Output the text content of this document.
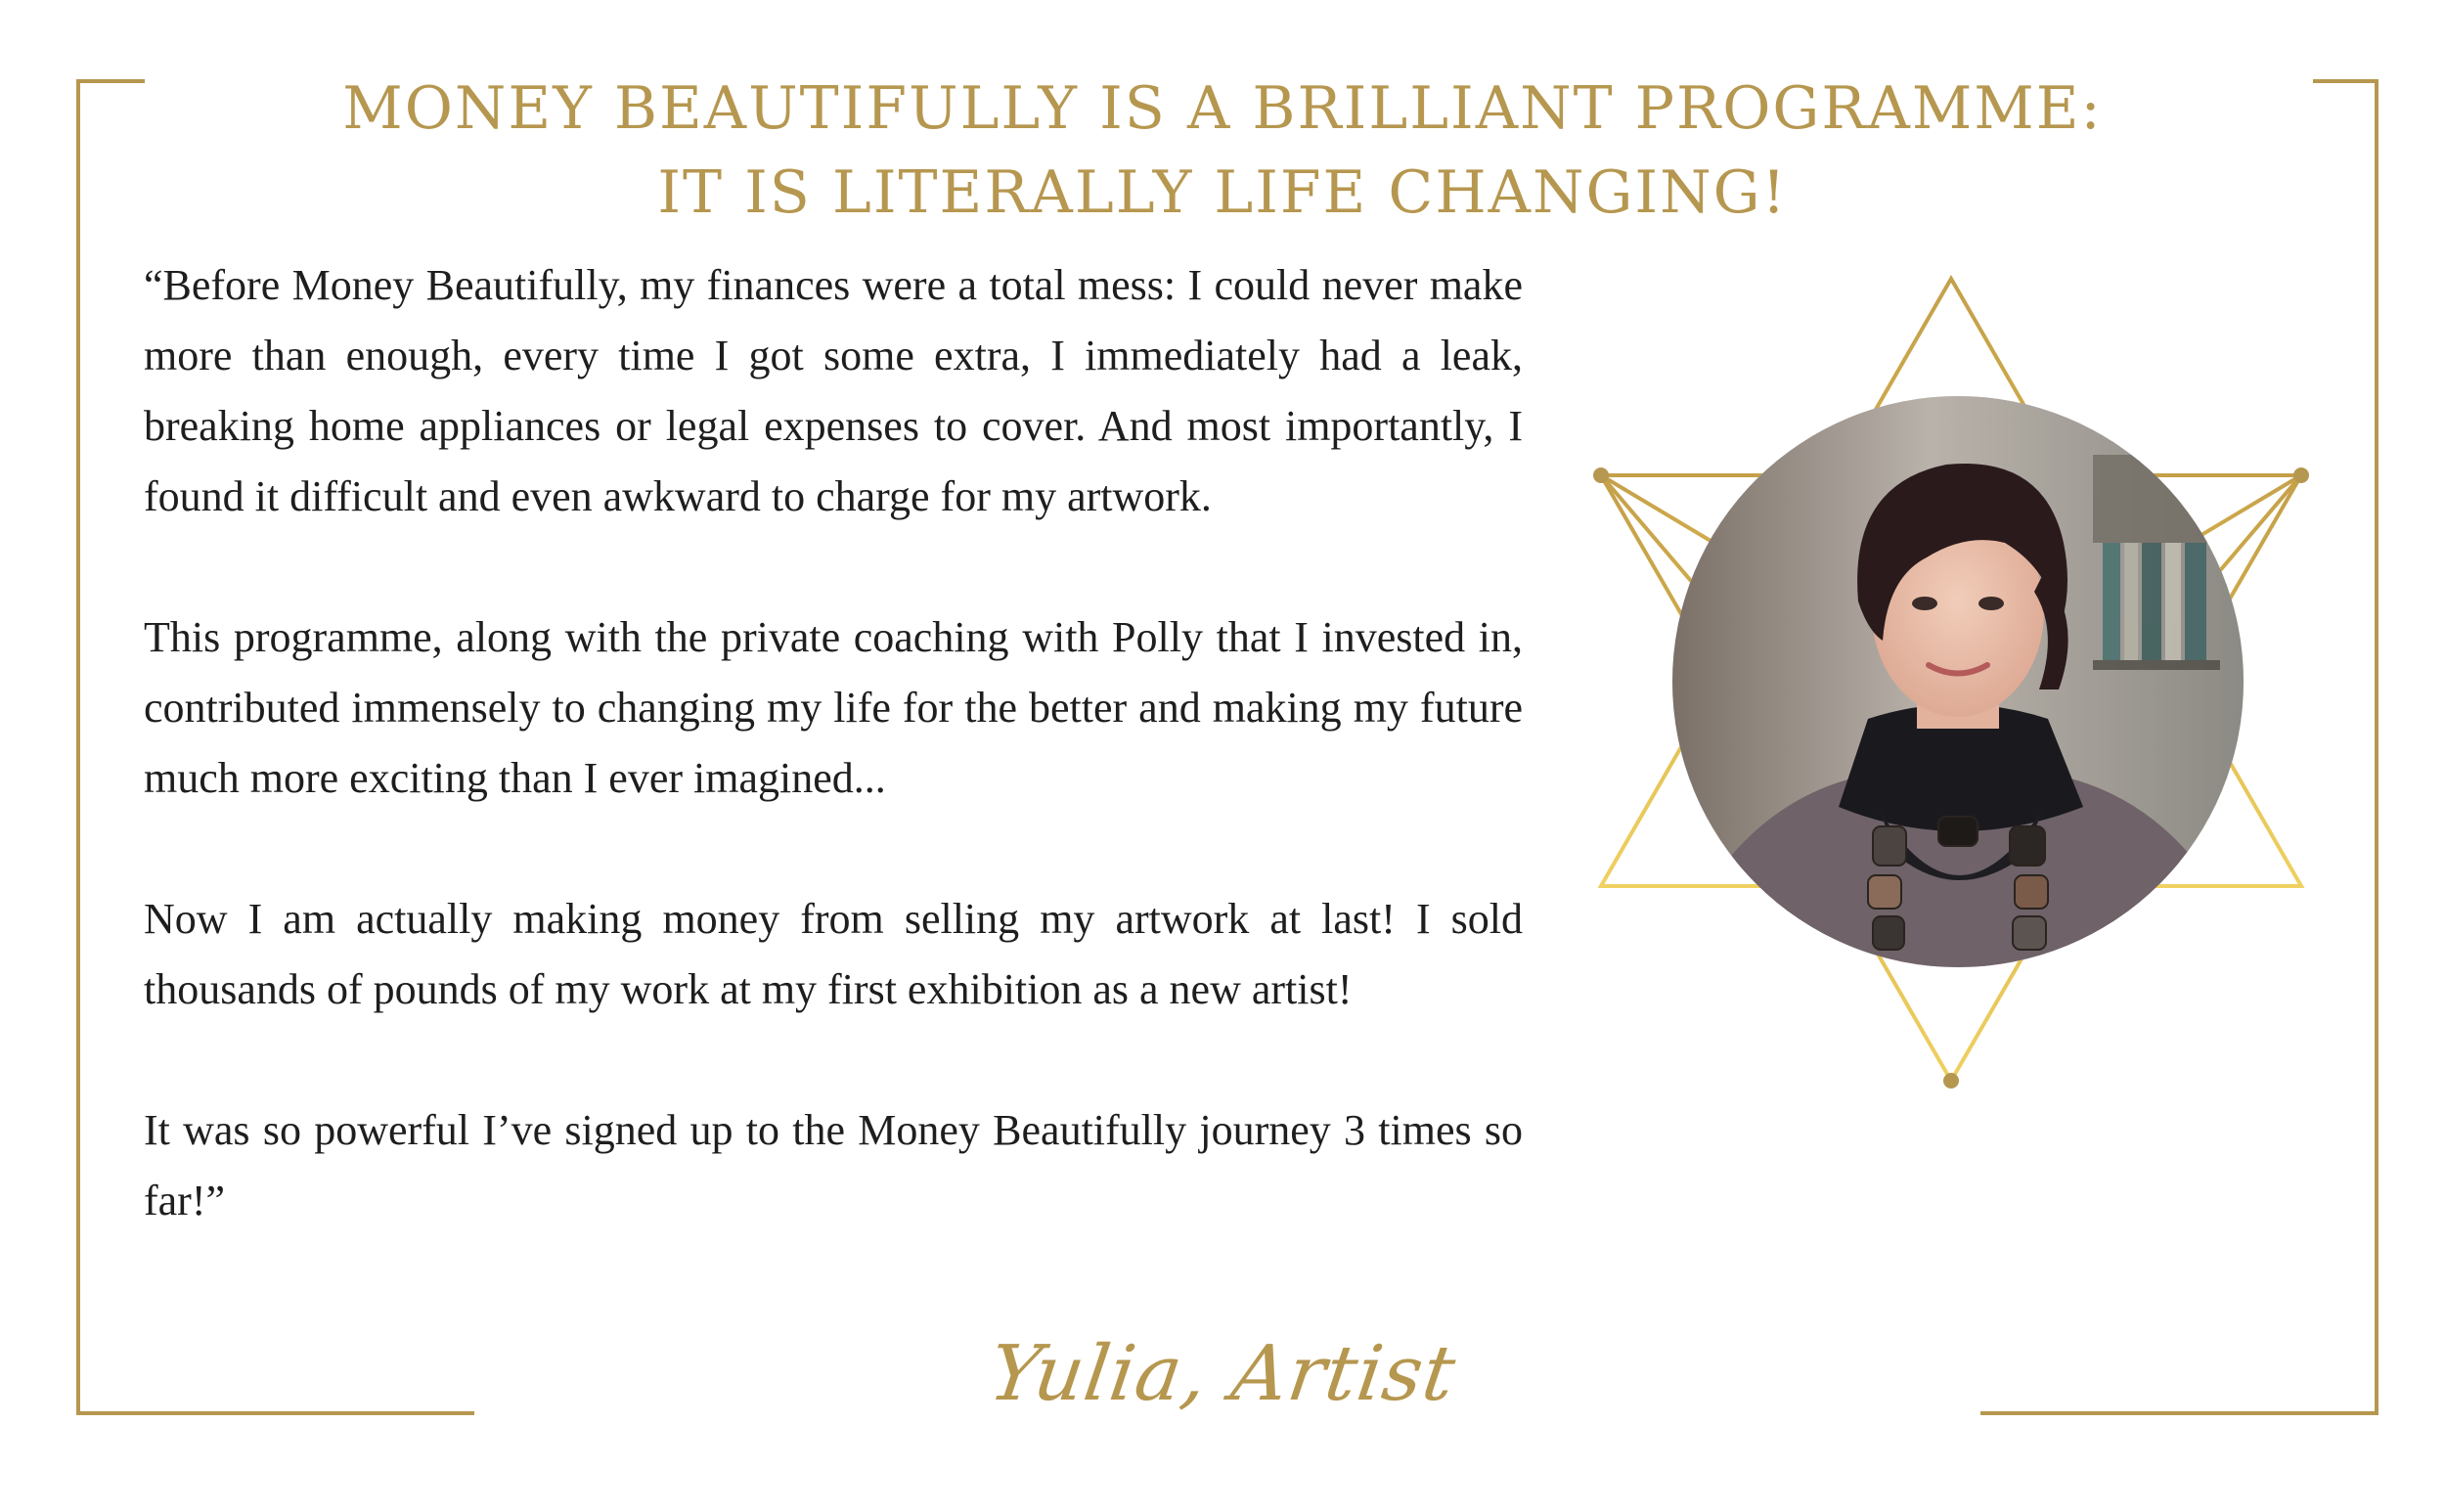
MONEY BEAUTIFULLY IS A BRILLIANT PROGRAMME:
IT IS LITERALLY LIFE CHANGING!

“Before Money Beautifully, my finances were a total mess: I could never make more than enough, every time I got some extra, I immediately had a leak, breaking home appliances or legal expenses to cover. And most importantly, I found it difficult and even awkward to charge for my artwork.

This programme, along with the private coaching with Polly that I invested in, contributed immensely to changing my life for the better and making my future much more exciting than I ever imagined...

Now I am actually making money from selling my artwork at last! I sold thousands of pounds of my work at my first exhibition as a new artist!

It was so powerful I’ve signed up to the Money Beautifully journey 3 times so far!”

Yulia, Artist
